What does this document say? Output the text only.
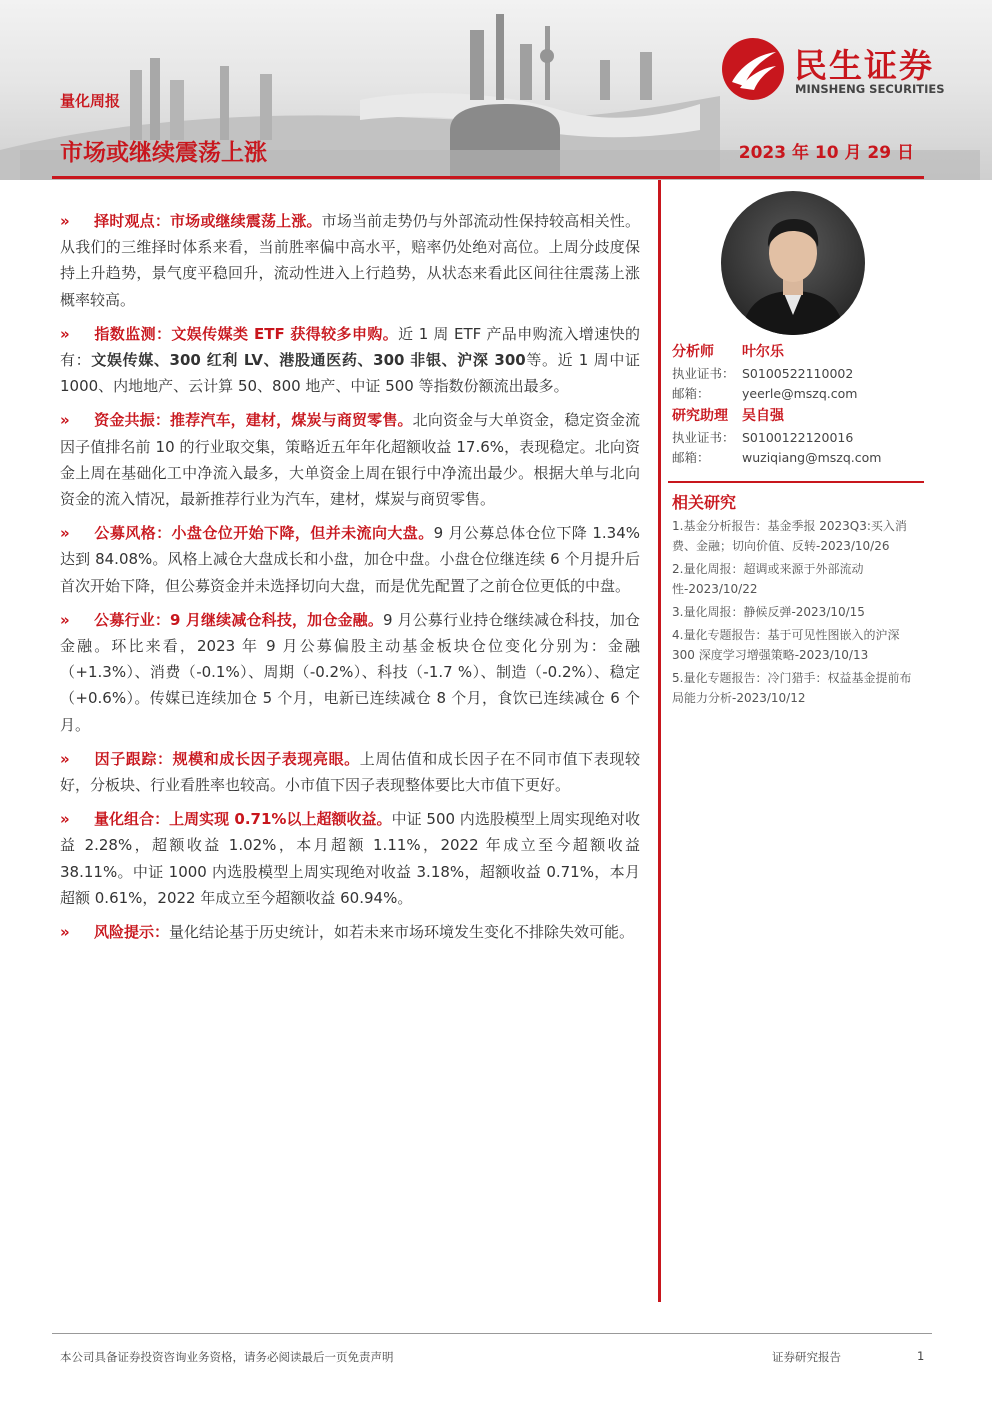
量化周报
市场或继续震荡上涨	2023 年 10 月 29 日
民生证券
MINSHENG SECURITIES

» 择时观点：市场或继续震荡上涨。市场当前走势仍与外部流动性保持较高相关性。从我们的三维择时体系来看，当前胜率偏中高水平，赔率仍处绝对高位。上周分歧度保持上升趋势，景气度平稳回升，流动性进入上行趋势，从状态来看此区间往往震荡上涨概率较高。

» 指数监测：文娱传媒类 ETF 获得较多申购。近 1 周 ETF 产品申购流入增速快的有：文娱传媒、300 红利 LV、港股通医药、300 非银、沪深 300等。近 1 周中证 1000、内地地产、云计算 50、800 地产、中证 500 等指数份额流出最多。

» 资金共振：推荐汽车，建材，煤炭与商贸零售。北向资金与大单资金，稳定资金流因子值排名前 10 的行业取交集，策略近五年年化超额收益 17.6%，表现稳定。北向资金上周在基础化工中净流入最多，大单资金上周在银行中净流出最少。根据大单与北向资金的流入情况，最新推荐行业为汽车，建材，煤炭与商贸零售。

» 公募风格：小盘仓位开始下降，但并未流向大盘。9 月公募总体仓位下降 1.34%达到 84.08%。风格上减仓大盘成长和小盘，加仓中盘。小盘仓位继连续 6 个月提升后首次开始下降，但公募资金并未选择切向大盘，而是优先配置了之前仓位更低的中盘。

» 公募行业：9 月继续减仓科技，加仓金融。9 月公募行业持仓继续减仓科技，加仓金融。环比来看，2023 年 9 月公募偏股主动基金板块仓位变化分别为：金融（+1.3%）、消费（-0.1%）、周期（-0.2%）、科技（-1.7 %）、制造（-0.2%）、稳定（+0.6%）。传媒已连续加仓 5 个月，电新已连续减仓 8 个月，食饮已连续减仓 6 个月。

» 因子跟踪：规模和成长因子表现亮眼。上周估值和成长因子在不同市值下表现较好，分板块、行业看胜率也较高。小市值下因子表现整体要比大市值下更好。

» 量化组合：上周实现 0.71%以上超额收益。中证 500 内选股模型上周实现绝对收益 2.28%，超额收益 1.02%，本月超额 1.11%，2022 年成立至今超额收益 38.11%。中证 1000 内选股模型上周实现绝对收益 3.18%，超额收益 0.71%，本月超额 0.61%，2022 年成立至今超额收益 60.94%。

» 风险提示：量化结论基于历史统计，如若未来市场环境发生变化不排除失效可能。

分析师 叶尔乐
执业证书： S0100522110002
邮箱：	yeerle@mszq.com
研究助理 吴自强
执业证书： S0100122120016
邮箱：	wuziqiang@mszq.com
相关研究
1.基金分析报告：基金季报 2023Q3:买入消费、金融；切向价值、反转-2023/10/26
2.量化周报：超调或来源于外部流动性-2023/10/22
3.量化周报：静候反弹-2023/10/15
4.量化专题报告：基于可见性图嵌入的沪深 300 深度学习增强策略-2023/10/13
5.量化专题报告：冷门猎手：权益基金提前布局能力分析-2023/10/12
本公司具备证券投资咨询业务资格，请务必阅读最后一页免责声明	证券研究报告	1
